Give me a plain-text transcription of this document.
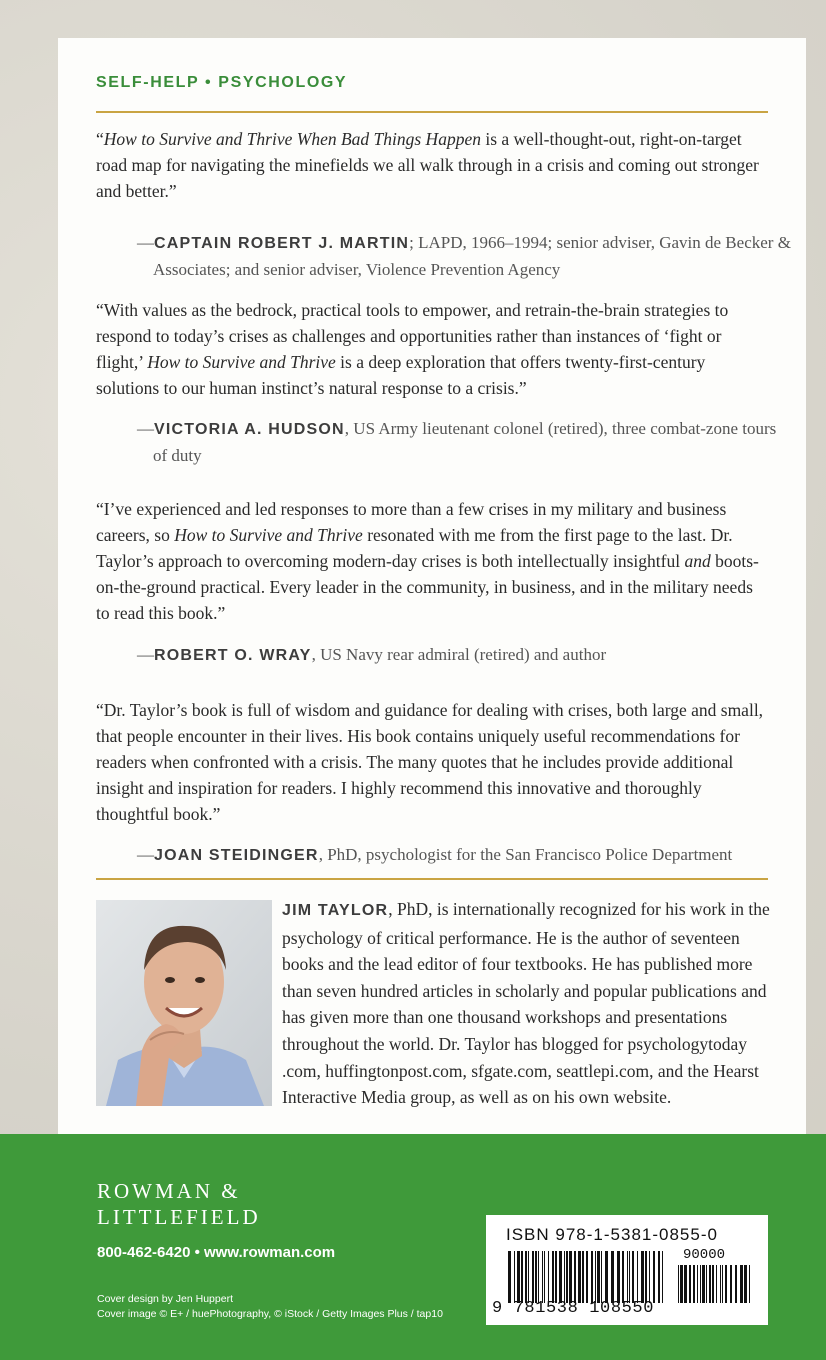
SELF-HELP • PSYCHOLOGY
“How to Survive and Thrive When Bad Things Happen is a well-thought-out, right-on-target road map for navigating the minefields we all walk through in a crisis and coming out stronger and better.”
—CAPTAIN ROBERT J. MARTIN; LAPD, 1966–1994; senior adviser, Gavin de Becker & Associates; and senior adviser, Violence Prevention Agency
“With values as the bedrock, practical tools to empower, and retrain-the-brain strategies to respond to today’s crises as challenges and opportunities rather than instances of ‘fight or flight,’ How to Survive and Thrive is a deep exploration that offers twenty-first-century solutions to our human instinct’s natural response to a crisis.”
—VICTORIA A. HUDSON, US Army lieutenant colonel (retired), three combat-zone tours of duty
“I’ve experienced and led responses to more than a few crises in my military and business careers, so How to Survive and Thrive resonated with me from the first page to the last. Dr. Taylor’s approach to overcoming modern-day crises is both intellectually insightful and boots-on-the-ground practical. Every leader in the community, in business, and in the military needs to read this book.”
—ROBERT O. WRAY, US Navy rear admiral (retired) and author
“Dr. Taylor’s book is full of wisdom and guidance for dealing with crises, both large and small, that people encounter in their lives. His book contains uniquely useful recommendations for readers when confronted with a crisis. The many quotes that he includes provide additional insight and inspiration for readers. I highly recommend this innovative and thoroughly thoughtful book.”
—JOAN STEIDINGER, PhD, psychologist for the San Francisco Police Department
JIM TAYLOR, PhD, is internationally recognized for his work in the psychology of critical performance. He is the author of seventeen books and the lead editor of four textbooks. He has published more than seven hundred articles in scholarly and popular publications and has given more than one thousand workshops and presentations throughout the world. Dr. Taylor has blogged for psychologytoday .com, huffingtonpost.com, sfgate.com, seattlepi.com, and the Hearst Interactive Media group, as well as on his own website.
ROWMAN &
LITTLEFIELD
800-462-6420 • www.rowman.com
Cover design by Jen Huppert
Cover image © E+ / huePhotography, © iStock / Getty Images Plus / tap10
ISBN 978-1-5381-0855-0
90000
9 781538 108550
